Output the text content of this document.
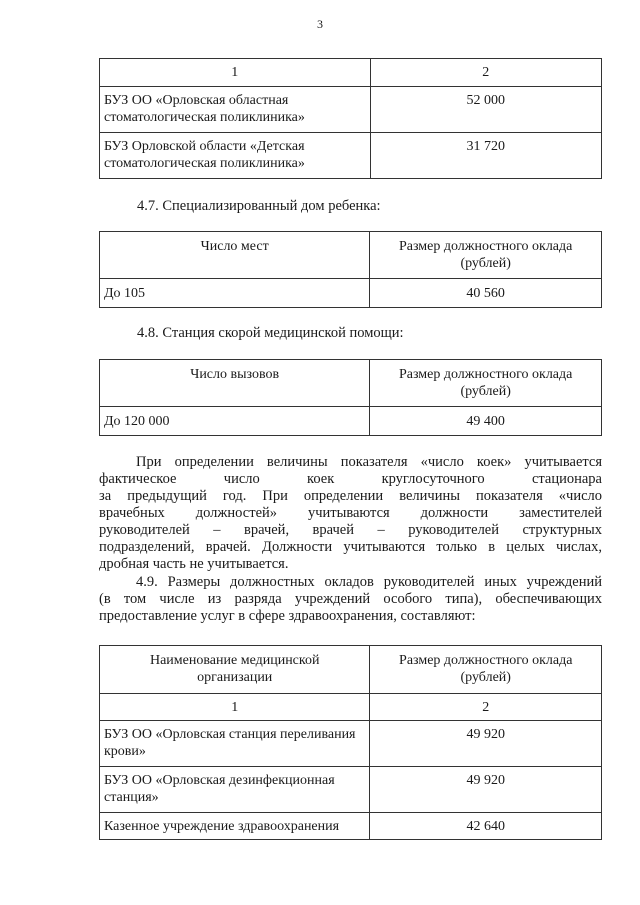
3
1	2
БУЗ ОО «Орловская областная стоматологическая поликлиника»	52 000
БУЗ Орловской области «Детская стоматологическая поликлиника»	31 720
4.7. Специализированный дом ребенка:
Число мест	Размер должностного оклада (рублей)
До 105	40 560
4.8. Станция скорой медицинской помощи:
Число вызовов	Размер должностного оклада (рублей)
До 120 000	49 400
При определении величины показателя «число коек» учитывается
фактическое число коек круглосуточного стационара
за предыдущий год. При определении величины показателя «число
врачебных должностей» учитываются должности заместителей
руководителей – врачей, врачей – руководителей структурных
подразделений, врачей. Должности учитываются только в целых числах,
дробная часть не учитывается.
4.9. Размеры должностных окладов руководителей иных учреждений
(в том числе из разряда учреждений особого типа), обеспечивающих
предоставление услуг в сфере здравоохранения, составляют:
Наименование медицинской организации	Размер должностного оклада (рублей)
1	2
БУЗ ОО «Орловская станция переливания крови»	49 920
БУЗ ОО «Орловская дезинфекционная станция»	49 920
Казенное учреждение здравоохранения	42 640
